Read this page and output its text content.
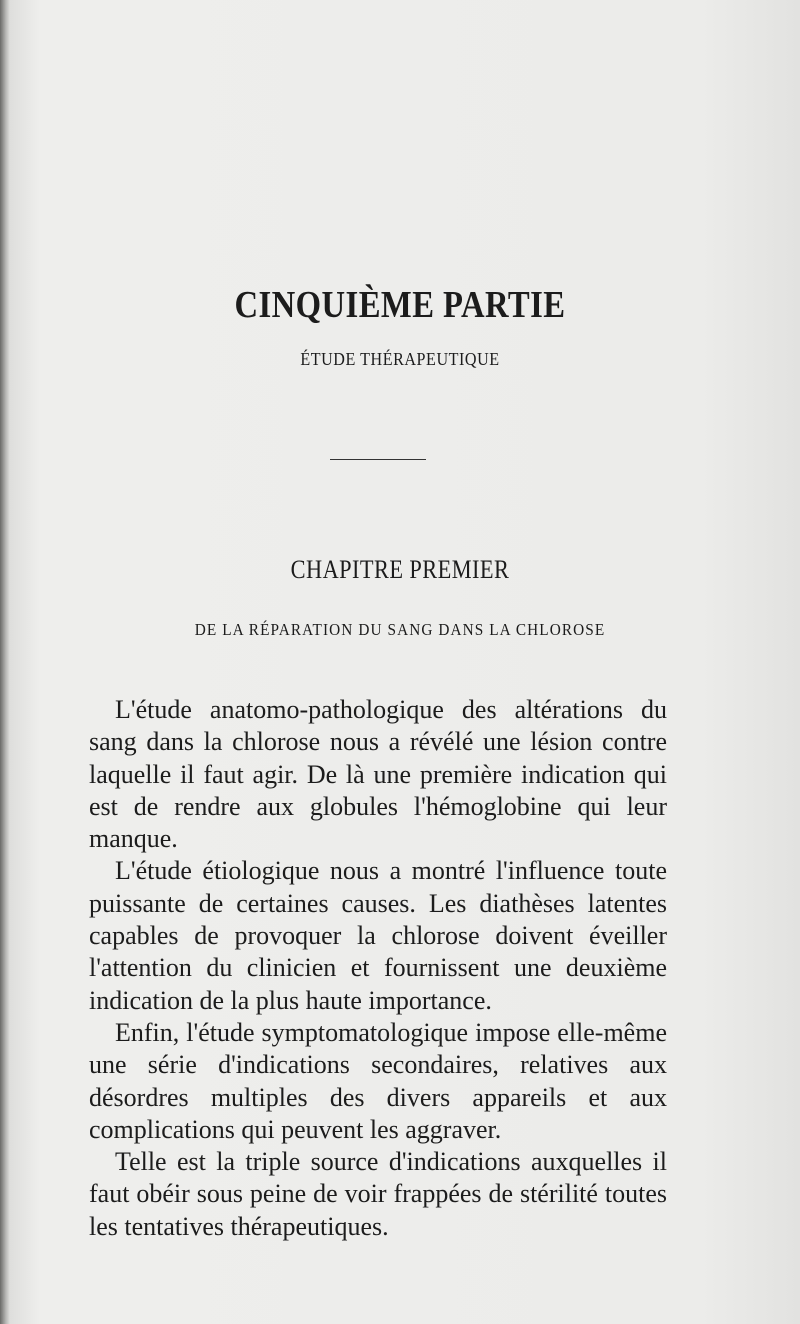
CINQUIÈME PARTIE
ÉTUDE THÉRAPEUTIQUE
CHAPITRE PREMIER
DE LA RÉPARATION DU SANG DANS LA CHLOROSE

L'étude anatomo-pathologique des altérations du sang dans la chlorose nous a révélé une lésion contre laquelle il faut agir. De là une première indication qui est de rendre aux globules l'hémoglobine qui leur manque.

L'étude étiologique nous a montré l'influence toute puissante de certaines causes. Les diathèses latentes capables de provoquer la chlorose doivent éveiller l'attention du clinicien et fournissent une deuxième indication de la plus haute importance.

Enfin, l'étude symptomatologique impose elle-même une série d'indications secondaires, relatives aux désordres multiples des divers appareils et aux complications qui peuvent les aggraver.

Telle est la triple source d'indications auxquelles il faut obéir sous peine de voir frappées de stérilité toutes les tentatives thérapeutiques.
